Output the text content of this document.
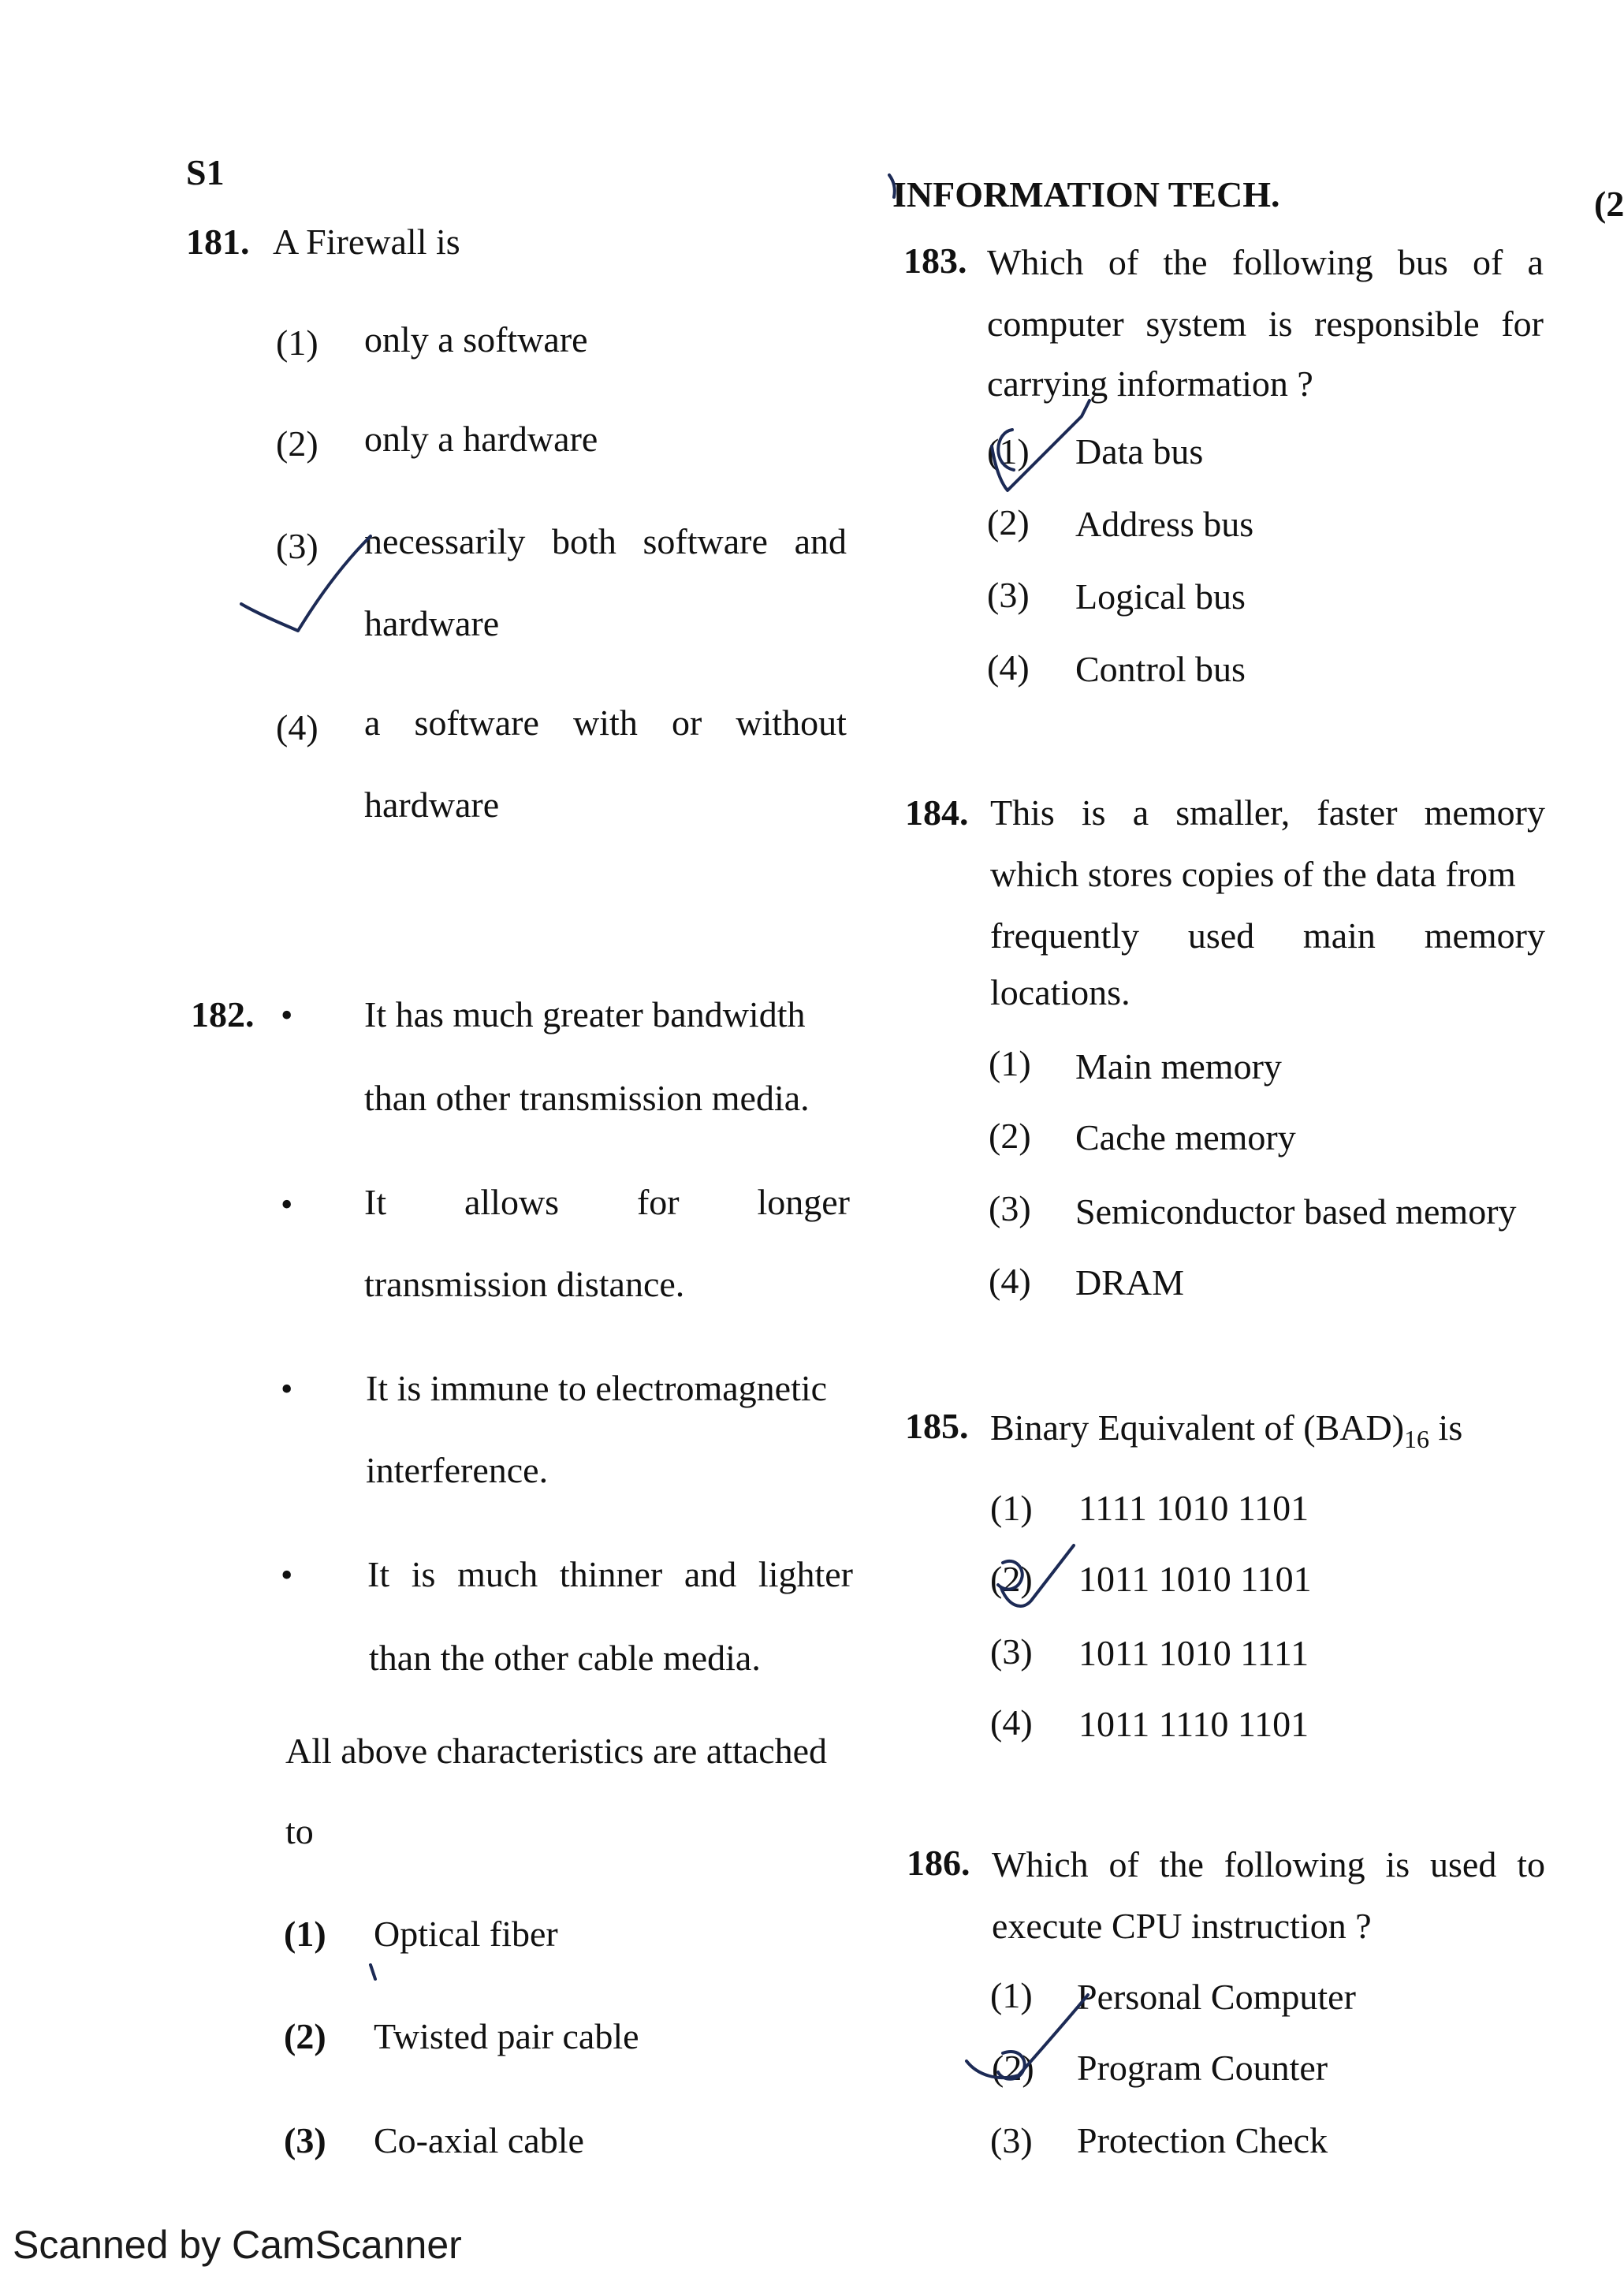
S1
INFORMATION TECH.	(2
181. A Firewall is
(1) only a software
(2) only a hardware
(3) necessarily both software and
hardware
(4) a software with or without
hardware
182. • It has much greater bandwidth
than other transmission media.
• It allows for longer
transmission distance.
• It is immune to electromagnetic
interference.
• It is much thinner and lighter
than the other cable media.
All above characteristics are attached
to
(1) Optical fiber
(2) Twisted pair cable
(3) Co-axial cable
183. Which of the following bus of a
computer system is responsible for
carrying information ?
(1) Data bus
(2) Address bus
(3) Logical bus
(4) Control bus
184. This is a smaller, faster memory
which stores copies of the data from
frequently used main memory
locations.
(1) Main memory
(2) Cache memory
(3) Semiconductor based memory
(4) DRAM
185. Binary Equivalent of $(BAD)_{16}$ is
(1) 1111 1010 1101
(2) 1011 1010 1101
(3) 1011 1010 1111
(4) 1011 1110 1101
186. Which of the following is used to
execute CPU instruction ?
(1) Personal Computer
(2) Program Counter
(3) Protection Check
Scanned by CamScanner
